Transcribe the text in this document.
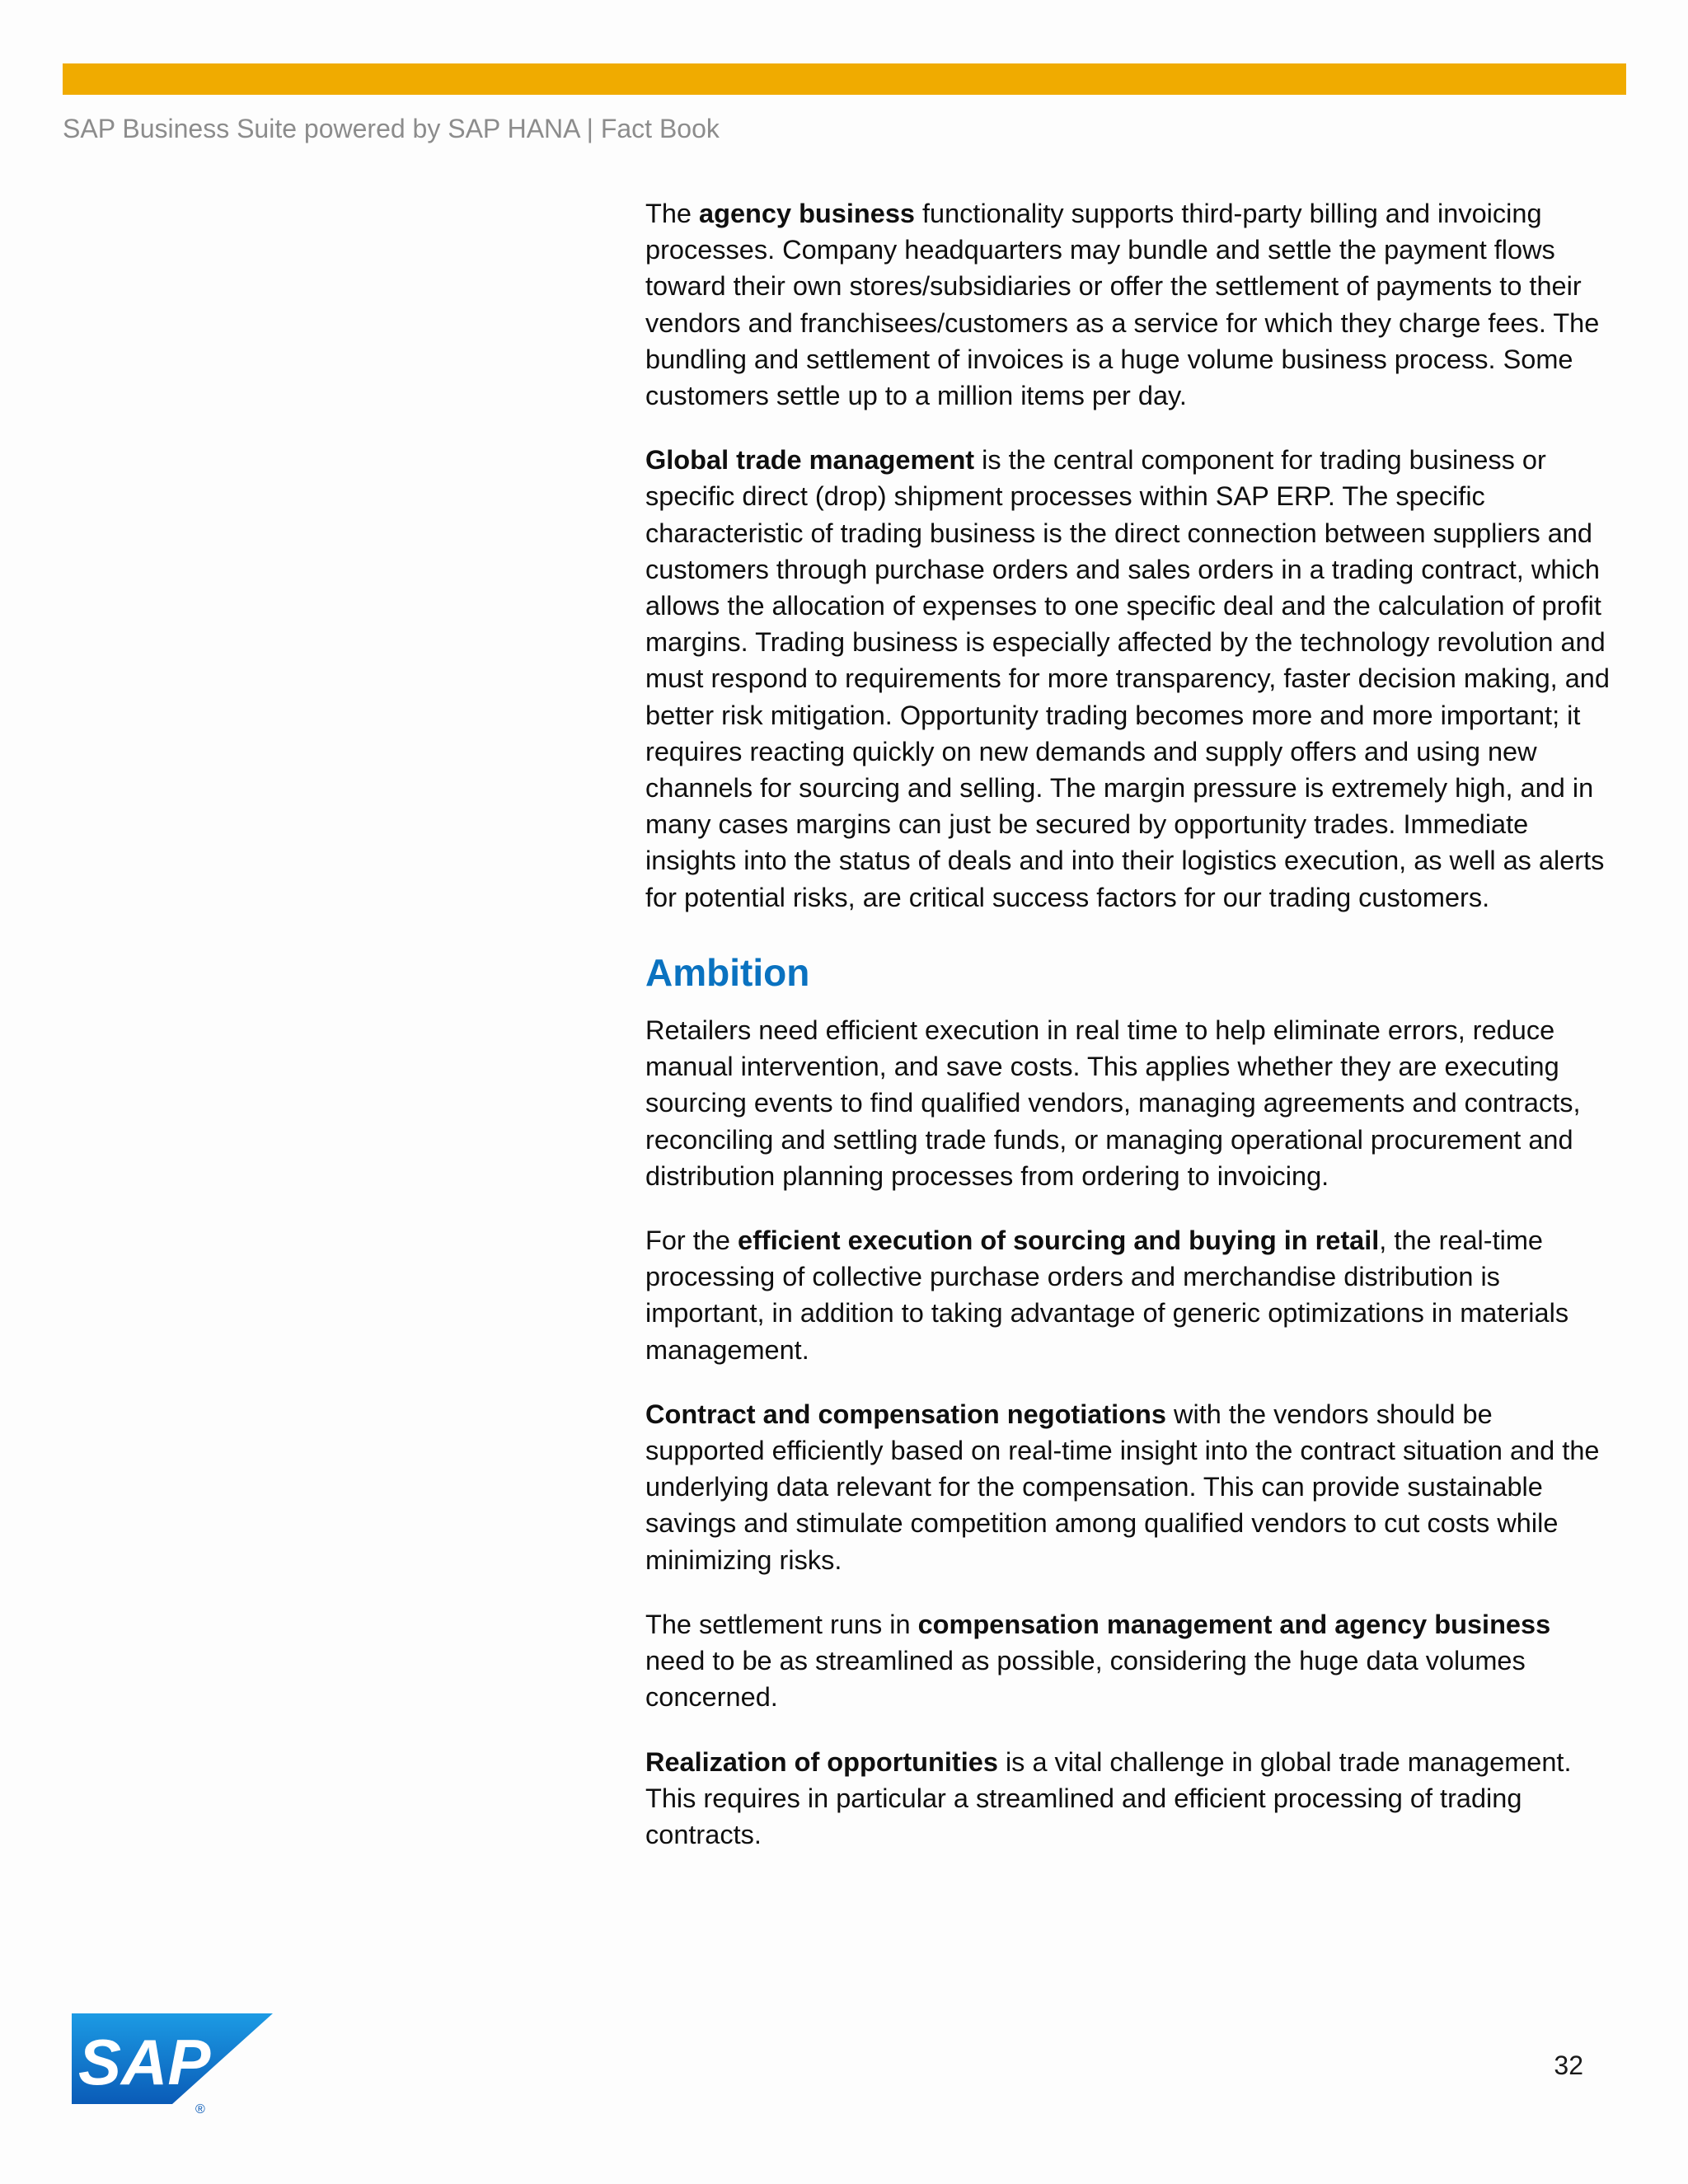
SAP Business Suite powered by SAP HANA | Fact Book

The agency business functionality supports third-party billing and invoicing processes. Company headquarters may bundle and settle the payment flows toward their own stores/subsidiaries or offer the settlement of payments to their vendors and franchisees/customers as a service for which they charge fees. The bundling and settlement of invoices is a huge volume business process. Some customers settle up to a million items per day.

Global trade management is the central component for trading business or specific direct (drop) shipment processes within SAP ERP. The specific characteristic of trading business is the direct connection between suppliers and customers through purchase orders and sales orders in a trading contract, which allows the allocation of expenses to one specific deal and the calculation of profit margins. Trading business is especially affected by the technology revolution and must respond to requirements for more transparency, faster decision making, and better risk mitigation. Opportunity trading becomes more and more important; it requires reacting quickly on new demands and supply offers and using new channels for sourcing and selling. The margin pressure is extremely high, and in many cases margins can just be secured by opportunity trades. Immediate insights into the status of deals and into their logistics execution, as well as alerts for potential risks, are critical success factors for our trading customers.

Ambition

Retailers need efficient execution in real time to help eliminate errors, reduce manual intervention, and save costs. This applies whether they are executing sourcing events to find qualified vendors, managing agreements and contracts, reconciling and settling trade funds, or managing operational procurement and distribution planning processes from ordering to invoicing.

For the efficient execution of sourcing and buying in retail, the real-time processing of collective purchase orders and merchandise distribution is important, in addition to taking advantage of generic optimizations in materials management.

Contract and compensation negotiations with the vendors should be supported efficiently based on real-time insight into the contract situation and the underlying data relevant for the compensation. This can provide sustainable savings and stimulate competition among qualified vendors to cut costs while minimizing risks.

The settlement runs in compensation management and agency business need to be as streamlined as possible, considering the huge data volumes concerned.

Realization of opportunities is a vital challenge in global trade management. This requires in particular a streamlined and efficient processing of trading contracts.

SAP
®
32
